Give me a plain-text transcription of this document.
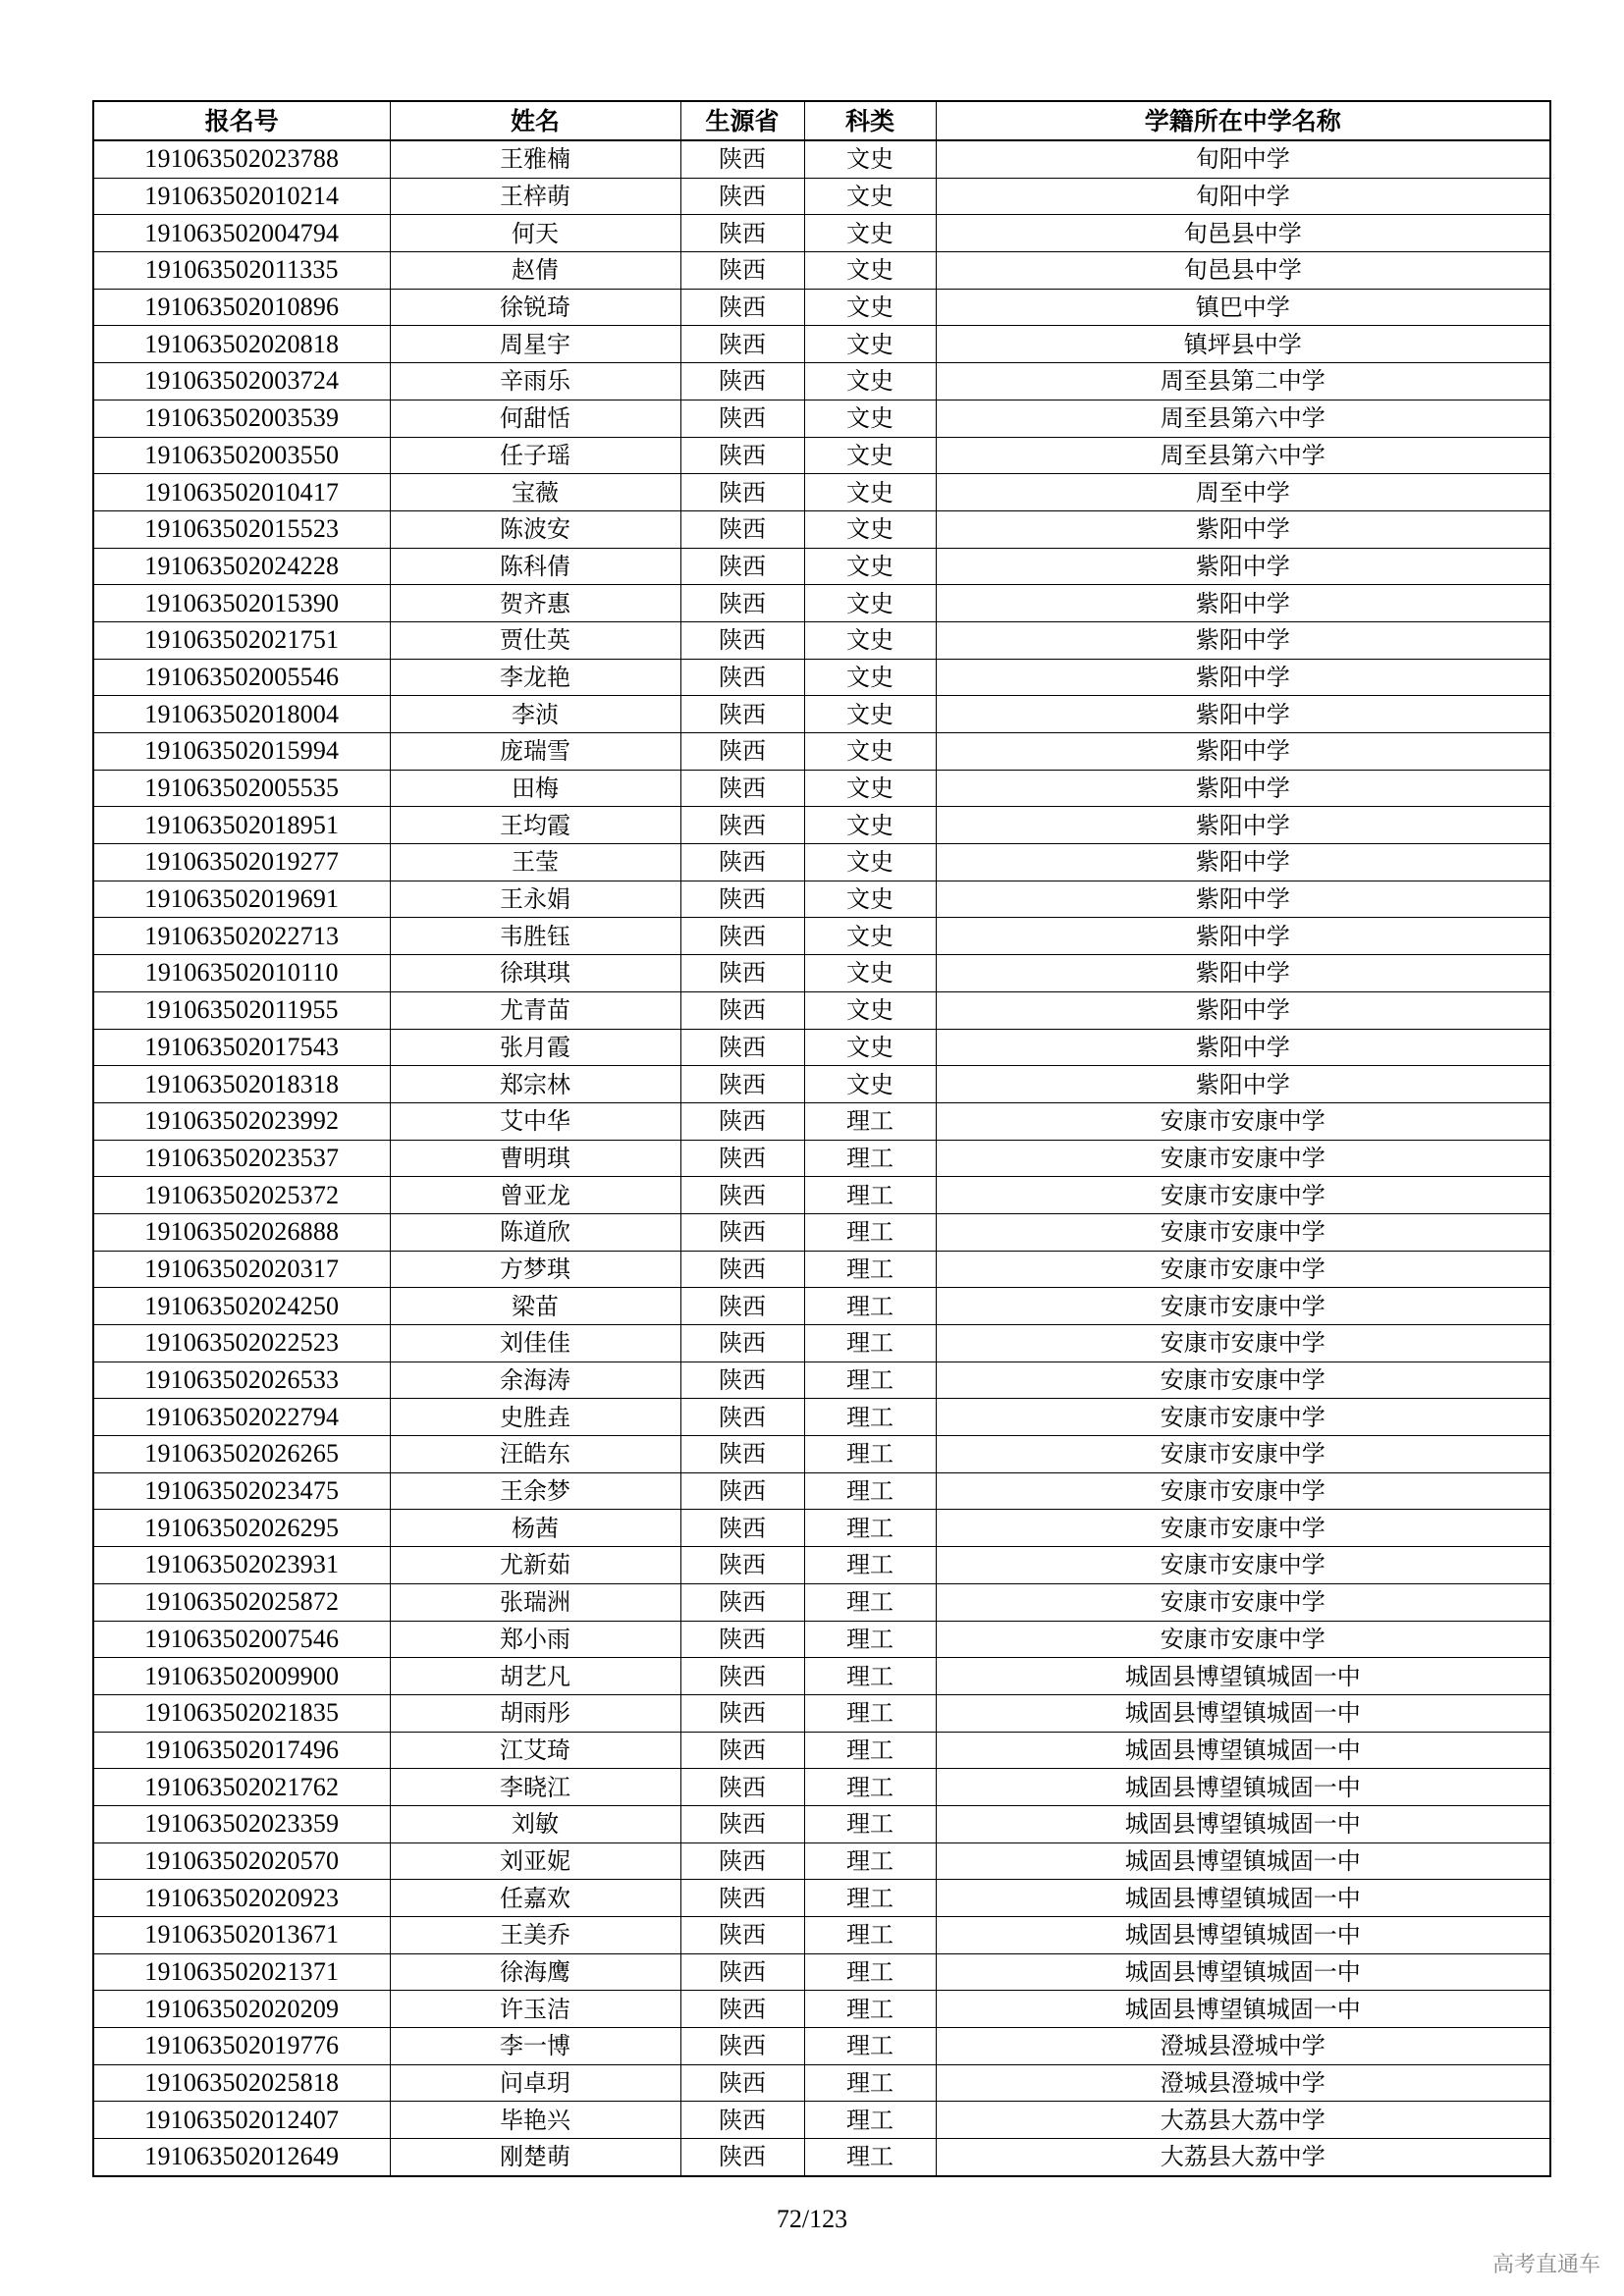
报名号	姓名	生源省	科类	学籍所在中学名称
191063502023788	王雅楠	陕西	文史	旬阳中学
191063502010214	王梓萌	陕西	文史	旬阳中学
191063502004794	何天	陕西	文史	旬邑县中学
191063502011335	赵倩	陕西	文史	旬邑县中学
191063502010896	徐锐琦	陕西	文史	镇巴中学
191063502020818	周星宇	陕西	文史	镇坪县中学
191063502003724	辛雨乐	陕西	文史	周至县第二中学
191063502003539	何甜恬	陕西	文史	周至县第六中学
191063502003550	任子瑶	陕西	文史	周至县第六中学
191063502010417	宝薇	陕西	文史	周至中学
191063502015523	陈波安	陕西	文史	紫阳中学
191063502024228	陈科倩	陕西	文史	紫阳中学
191063502015390	贺齐惠	陕西	文史	紫阳中学
191063502021751	贾仕英	陕西	文史	紫阳中学
191063502005546	李龙艳	陕西	文史	紫阳中学
191063502018004	李浈	陕西	文史	紫阳中学
191063502015994	庞瑞雪	陕西	文史	紫阳中学
191063502005535	田梅	陕西	文史	紫阳中学
191063502018951	王均霞	陕西	文史	紫阳中学
191063502019277	王莹	陕西	文史	紫阳中学
191063502019691	王永娟	陕西	文史	紫阳中学
191063502022713	韦胜钰	陕西	文史	紫阳中学
191063502010110	徐琪琪	陕西	文史	紫阳中学
191063502011955	尤青苗	陕西	文史	紫阳中学
191063502017543	张月霞	陕西	文史	紫阳中学
191063502018318	郑宗林	陕西	文史	紫阳中学
191063502023992	艾中华	陕西	理工	安康市安康中学
191063502023537	曹明琪	陕西	理工	安康市安康中学
191063502025372	曾亚龙	陕西	理工	安康市安康中学
191063502026888	陈道欣	陕西	理工	安康市安康中学
191063502020317	方梦琪	陕西	理工	安康市安康中学
191063502024250	梁苗	陕西	理工	安康市安康中学
191063502022523	刘佳佳	陕西	理工	安康市安康中学
191063502026533	余海涛	陕西	理工	安康市安康中学
191063502022794	史胜垚	陕西	理工	安康市安康中学
191063502026265	汪皓东	陕西	理工	安康市安康中学
191063502023475	王余梦	陕西	理工	安康市安康中学
191063502026295	杨茜	陕西	理工	安康市安康中学
191063502023931	尤新茹	陕西	理工	安康市安康中学
191063502025872	张瑞洲	陕西	理工	安康市安康中学
191063502007546	郑小雨	陕西	理工	安康市安康中学
191063502009900	胡艺凡	陕西	理工	城固县博望镇城固一中
191063502021835	胡雨彤	陕西	理工	城固县博望镇城固一中
191063502017496	江艾琦	陕西	理工	城固县博望镇城固一中
191063502021762	李晓江	陕西	理工	城固县博望镇城固一中
191063502023359	刘敏	陕西	理工	城固县博望镇城固一中
191063502020570	刘亚妮	陕西	理工	城固县博望镇城固一中
191063502020923	任嘉欢	陕西	理工	城固县博望镇城固一中
191063502013671	王美乔	陕西	理工	城固县博望镇城固一中
191063502021371	徐海鹰	陕西	理工	城固县博望镇城固一中
191063502020209	许玉洁	陕西	理工	城固县博望镇城固一中
191063502019776	李一博	陕西	理工	澄城县澄城中学
191063502025818	问卓玥	陕西	理工	澄城县澄城中学
191063502012407	毕艳兴	陕西	理工	大荔县大荔中学
191063502012649	刚楚萌	陕西	理工	大荔县大荔中学
72/123
高考直通车
